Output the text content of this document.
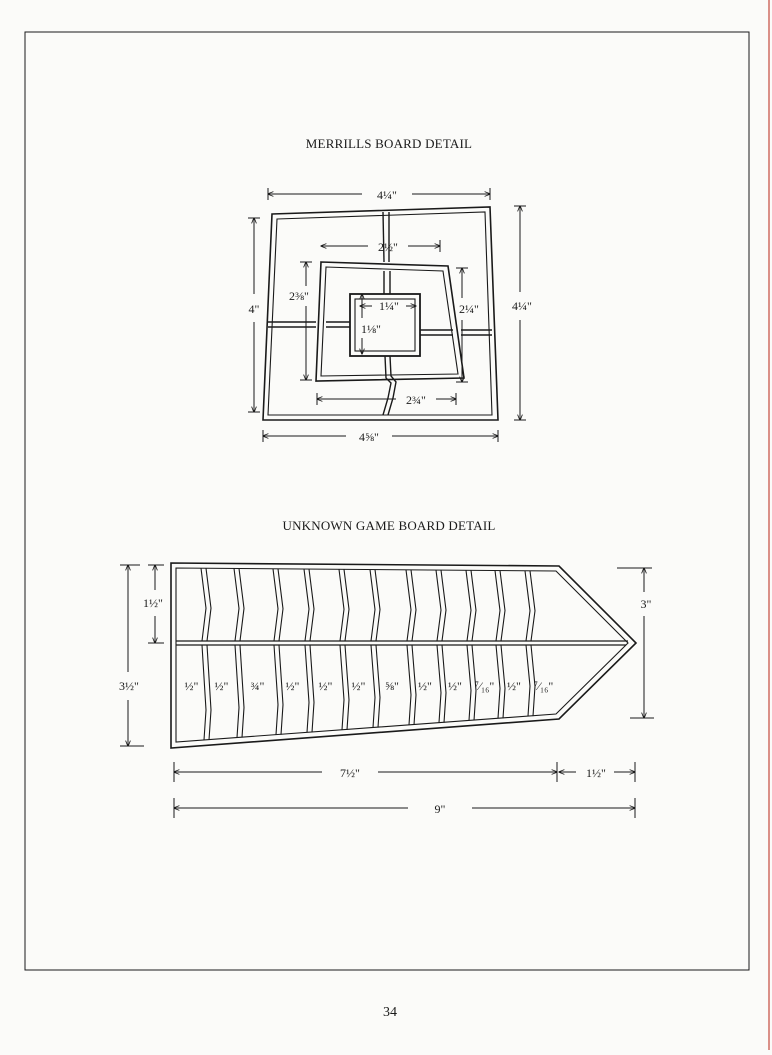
MERRILLS BOARD DETAIL
4¼"
2½"
1¼"
4"	4¼"
2⅜"
2¼"
1⅛"
2¾"
4⅝"
UNKNOWN GAME BOARD DETAIL
1½"
3½"
3"
7½"	1½"
9"
½" ½" ¾" ½" ½" ½" ⅝" ½" ½" ⁷⁄₁₆" ½" ⁷⁄₁₆"
34
